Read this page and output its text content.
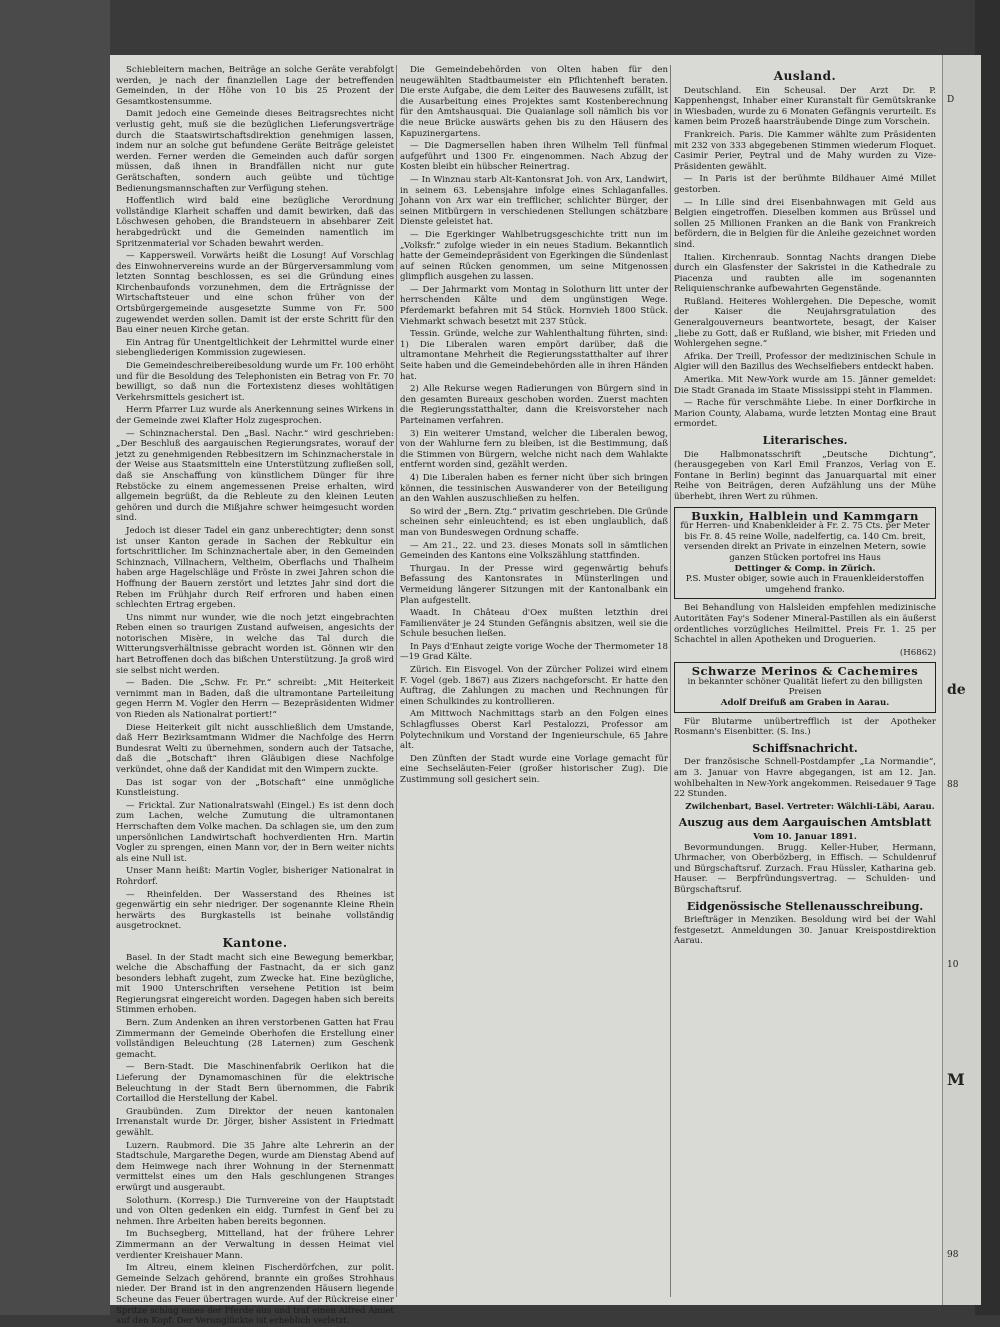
Schiebleitern machen, Beiträge an solche Geräte verabfolgt werden, je nach der finanziellen Lage der betreffenden Gemeinden, in der Höhe von 10 bis 25 Prozent der Gesamtkostensumme.

Damit jedoch eine Gemeinde dieses Beitragsrechtes nicht verlustig geht, muß sie die bezüglichen Lieferungsverträge durch die Staatswirtschaftsdirektion genehmigen lassen, indem nur an solche gut befundene Geräte Beiträge geleistet werden. Ferner werden die Gemeinden auch dafür sorgen müssen, daß ihnen in Brandfällen nicht nur gute Gerätschaften, sondern auch geübte und tüchtige Bedienungsmannschaften zur Verfügung stehen.

Hoffentlich wird bald eine bezügliche Verordnung vollständige Klarheit schaffen und damit bewirken, daß das Löschwesen gehoben, die Brandsteuern in absehbarer Zeit herabgedrückt und die Gemeinden namentlich im Spritzenmaterial vor Schaden bewahrt werden.

— Kappersweil. Vorwärts heißt die Losung! Auf Vorschlag des Einwohnervereins wurde an der Bürgerversammlung vom letzten Sonntag beschlossen, es sei die Gründung eines Kirchenbaufonds vorzunehmen, dem die Erträgnisse der Wirtschaftsteuer und eine schon früher von der Ortsbürgergemeinde ausgesetzte Summe von Fr. 500 zugewendet werden sollen. Damit ist der erste Schritt für den Bau einer neuen Kirche getan.

Ein Antrag für Unentgeltlichkeit der Lehrmittel wurde einer siebengliederigen Kommission zugewiesen.

Die Gemeindeschreibereibesoldung wurde um Fr. 100 erhöht und für die Besoldung des Telephonisten ein Betrag von Fr. 70 bewilligt, so daß nun die Fortexistenz dieses wohltätigen Verkehrsmittels gesichert ist.

Herrn Pfarrer Luz wurde als Anerkennung seines Wirkens in der Gemeinde zwei Klafter Holz zugesprochen.

— Schinznacherstal. Den „Basl. Nachr.“ wird geschrieben: „Der Beschluß des aargauischen Regierungsrates, worauf der jetzt zu genehmigenden Rebbesitzern im Schinznacherstale in der Weise aus Staatsmitteln eine Unterstützung zufließen soll, daß sie Anschaffung von künstlichem Dünger für ihre Rebstöcke zu einem angemessenen Preise erhalten, wird allgemein begrüßt, da die Rebleute zu den kleinen Leuten gehören und durch die Mißjahre schwer heimgesucht worden sind.

Jedoch ist dieser Tadel ein ganz unberechtigter; denn sonst ist unser Kanton gerade in Sachen der Rebkultur ein fortschrittlicher. Im Schinznachertale aber, in den Gemeinden Schinznach, Villnachern, Veltheim, Oberflachs und Thalheim haben arge Hagelschläge und Fröste in zwei Jahren schon die Hoffnung der Bauern zerstört und letztes Jahr sind dort die Reben im Frühjahr durch Reif erfroren und haben einen schlechten Ertrag ergeben.

Uns nimmt nur wunder, wie die noch jetzt eingebrachten Reben einen so traurigen Zustand aufweisen, angesichts der notorischen Misère, in welche das Tal durch die Witterungsverhältnisse gebracht worden ist. Gönnen wir den hart Betroffenen doch das bißchen Unterstützung. Ja groß wird sie selbst nicht werden.

— Baden. Die „Schw. Fr. Pr.“ schreibt: „Mit Heiterkeit vernimmt man in Baden, daß die ultramontane Parteileitung gegen Herrn M. Vogler den Herrn — Bezepräsidenten Widmer von Rieden als Nationalrat portiert!“

Diese Heiterkeit gilt nicht ausschließlich dem Umstande, daß Herr Bezirksamtmann Widmer die Nachfolge des Herrn Bundesrat Welti zu übernehmen, sondern auch der Tatsache, daß die „Botschaft“ ihren Gläubigen diese Nachfolge verkündet, ohne daß der Kandidat mit den Wimpern zuckte.

Das ist sogar von der „Botschaft“ eine unmögliche Kunstleistung.

— Fricktal. Zur Nationalratswahl (Eingel.) Es ist denn doch zum Lachen, welche Zumutung die ultramontanen Herrschaften dem Volke machen. Da schlagen sie, um den zum unpersönlichen Landwirtschaft hochverdienten Hrn. Martin Vogler zu sprengen, einen Mann vor, der in Bern weiter nichts als eine Null ist.

Unser Mann heißt: Martin Vogler, bisheriger Nationalrat in Rohrdorf.

— Rheinfelden. Der Wasserstand des Rheines ist gegenwärtig ein sehr niedriger. Der sogenannte Kleine Rhein herwärts des Burgkastells ist beinahe vollständig ausgetrocknet.

Kantone.

Basel. In der Stadt macht sich eine Bewegung bemerkbar, welche die Abschaffung der Fastnacht, da er sich ganz besonders lebhaft zugeht, zum Zwecke hat. Eine bezügliche, mit 1900 Unterschriften versehene Petition ist beim Regierungsrat eingereicht worden. Dagegen haben sich bereits Stimmen erhoben.

Bern. Zum Andenken an ihren verstorbenen Gatten hat Frau Zimmermann der Gemeinde Oberhofen die Erstellung einer vollständigen Beleuchtung (28 Laternen) zum Geschenk gemacht.

— Bern-Stadt. Die Maschinenfabrik Oerlikon hat die Lieferung der Dynamomaschinen für die elektrische Beleuchtung in der Stadt Bern übernommen, die Fabrik Cortaillod die Herstellung der Kabel.

Graubünden. Zum Direktor der neuen kantonalen Irrenanstalt wurde Dr. Jörger, bisher Assistent in Friedmatt gewählt.

Luzern. Raubmord. Die 35 Jahre alte Lehrerin an der Stadtschule, Margarethe Degen, wurde am Dienstag Abend auf dem Heimwege nach ihrer Wohnung in der Sternenmatt vermittelst eines um den Hals geschlungenen Stranges erwürgt und ausgeraubt.

Solothurn. (Korresp.) Die Turnvereine von der Hauptstadt und von Olten gedenken ein eidg. Turnfest in Genf bei zu nehmen. Ihre Arbeiten haben bereits begonnen.

Im Buchsegberg, Mittelland, hat der frühere Lehrer Zimmermann an der Verwaltung in dessen Heimat viel verdienter Kreishauer Mann.

Im Altreu, einem kleinen Fischerdörfchen, zur polit. Gemeinde Selzach gehörend, brannte ein großes Strohhaus nieder. Der Brand ist in den angrenzenden Häusern liegende Scheune das Feuer übertragen wurde. Auf der Rückreise einer Spritze schlug eines der Pferde aus und traf einen Alfred Amiet auf den Kopf. Der Verunglückte ist erheblich verletzt.

Die Gemeindebehörden von Olten haben für den neugewählten Stadtbaumeister ein Pflichtenheft beraten. Die erste Aufgabe, die dem Leiter des Bauwesens zufällt, ist die Ausarbeitung eines Projektes samt Kostenberechnung für den Amtshausquai. Die Quaianlage soll nämlich bis vor die neue Brücke auswärts gehen bis zu den Häusern des Kapuzinergartens.

— Die Dagmersellen haben ihren Wilhelm Tell fünfmal aufgeführt und 1300 Fr. eingenommen. Nach Abzug der Kosten bleibt ein hübscher Reinertrag.

— In Winznau starb Alt-Kantonsrat Joh. von Arx, Landwirt, in seinem 63. Lebensjahre infolge eines Schlaganfalles. Johann von Arx war ein trefflicher, schlichter Bürger, der seinen Mitbürgern in verschiedenen Stellungen schätzbare Dienste geleistet hat.

— Die Egerkinger Wahlbetrugsgeschichte tritt nun im „Volksfr.“ zufolge wieder in ein neues Stadium. Bekanntlich hatte der Gemeindepräsident von Egerkingen die Sündenlast auf seinen Rücken genommen, um seine Mitgenossen glimpflich ausgehen zu lassen.

— Der Jahrmarkt vom Montag in Solothurn litt unter der herrschenden Kälte und dem ungünstigen Wege. Pferdemarkt befahren mit 54 Stück. Hornvieh 1800 Stück. Viehmarkt schwach besetzt mit 237 Stück.

Tessin. Gründe, welche zur Wahlenthaltung führten, sind: 1) Die Liberalen waren empört darüber, daß die ultramontane Mehrheit die Regierungsstatthalter auf ihrer Seite haben und die Gemeindebehörden alle in ihren Händen hat.

2) Alle Rekurse wegen Radierungen von Bürgern sind in den gesamten Bureaux geschoben worden. Zuerst machten die Regierungsstatthalter, dann die Kreisvorsteher nach Parteinamen verfahren.

3) Ein weiterer Umstand, welcher die Liberalen bewog, von der Wahlurne fern zu bleiben, ist die Bestimmung, daß die Stimmen von Bürgern, welche nicht nach dem Wahlakte entfernt worden sind, gezählt werden.

4) Die Liberalen haben es ferner nicht über sich bringen können, die tessinischen Auswanderer von der Beteiligung an den Wahlen auszuschließen zu helfen.

So wird der „Bern. Ztg.“ privatim geschrieben. Die Gründe scheinen sehr einleuchtend; es ist eben unglaublich, daß man von Bundeswegen Ordnung schaffe.

— Am 21., 22. und 23. dieses Monats soll in sämtlichen Gemeinden des Kantons eine Volkszählung stattfinden.

Thurgau. In der Presse wird gegenwärtig behufs Befassung des Kantonsrates in Münsterlingen und Vermeidung längerer Sitzungen mit der Kantonalbank ein Plan aufgestellt.

Waadt. In Château d'Oex mußten letzthin drei Familienväter je 24 Stunden Gefängnis absitzen, weil sie die Schule besuchen ließen.

In Pays d'Enhaut zeigte vorige Woche der Thermometer 18—19 Grad Kälte.

Zürich. Ein Eisvogel. Von der Zürcher Polizei wird einem F. Vogel (geb. 1867) aus Zizers nachgeforscht. Er hatte den Auftrag, die Zahlungen zu machen und Rechnungen für einen Schulkindes zu kontrollieren.

Am Mittwoch Nachmittags starb an den Folgen eines Schlagflusses Oberst Karl Pestalozzi, Professor am Polytechnikum und Vorstand der Ingenieurschule, 65 Jahre alt.

Den Zünften der Stadt wurde eine Vorlage gemacht für eine Sechseläuten-Feier (großer historischer Zug). Die Zustimmung soll gesichert sein.

Ausland.

Deutschland. Ein Scheusal. Der Arzt Dr. P. Kappenhengst, Inhaber einer Kuranstalt für Gemütskranke in Wiesbaden, wurde zu 6 Monaten Gefängnis verurteilt. Es kamen beim Prozeß haarsträubende Dinge zum Vorschein.

Frankreich. Paris. Die Kammer wählte zum Präsidenten mit 232 von 333 abgegebenen Stimmen wiederum Floquet. Casimir Perier, Peytral und de Mahy wurden zu Vize-Präsidenten gewählt.

— In Paris ist der berühmte Bildhauer Aimé Millet gestorben.

— In Lille sind drei Eisenbahnwagen mit Geld aus Belgien eingetroffen. Dieselben kommen aus Brüssel und sollen 25 Millionen Franken an die Bank von Frankreich befördern, die in Belgien für die Anleihe gezeichnet worden sind.

Italien. Kirchenraub. Sonntag Nachts drangen Diebe durch ein Glasfenster der Sakristei in die Kathedrale zu Piacenza und raubten alle im sogenannten Reliquienschranke aufbewahrten Gegenstände.

Rußland. Heiteres Wohlergehen. Die Depesche, womit der Kaiser die Neujahrsgratulation des Generalgouverneurs beantwortete, besagt, der Kaiser „liebe zu Gott, daß er Rußland, wie bisher, mit Frieden und Wohlergehen segne.“

Afrika. Der Treill, Professor der medizinischen Schule in Algier will den Bazillus des Wechselfiebers entdeckt haben.

Amerika. Mit New-York wurde am 15. Jänner gemeldet: Die Stadt Granada im Staate Mississippi steht in Flammen.

— Rache für verschmähte Liebe. In einer Dorfkirche in Marion County, Alabama, wurde letzten Montag eine Braut ermordet.

Literarisches.

Die Halbmonatsschrift „Deutsche Dichtung“, (herausgegeben von Karl Emil Franzos, Verlag von E. Fontane in Berlin) beginnt das Januarquartal mit einer Reihe von Beiträgen, deren Aufzählung uns der Mühe überhebt, ihren Wert zu rühmen.

Buxkin, Halblein und Kammgarn
für Herren- und Knabenkleider à Fr. 2. 75 Cts. per Meter bis Fr. 8. 45 reine Wolle, nadelfertig, ca. 140 Cm. breit, versenden direkt an Private in einzelnen Metern, sowie ganzen Stücken portofrei ins Haus
Dettinger & Comp. in Zürich.
P.S. Muster obiger, sowie auch in Frauenkleiderstoffen umgehend franko.

Bei Behandlung von Halsleiden empfehlen medizinische Autoritäten Fay's Sodener Mineral-Pastillen als ein äußerst ordentliches vorzügliches Heilmittel. Preis Fr. 1. 25 per Schachtel in allen Apotheken und Droguerien.

(H6862)
Schwarze Merinos & Cachemires
in bekannter schöner Qualität liefert zu den billigsten Preisen
Adolf Dreifuß am Graben in Aarau.

Für Blutarme unübertrefflich ist der Apotheker Rosmann's Eisenbitter. (S. Ins.)

Schiffsnachricht.

Der französische Schnell-Postdampfer „La Normandie“, am 3. Januar von Havre abgegangen, ist am 12. Jan. wohlbehalten in New-York angekommen. Reisedauer 9 Tage 22 Stunden.

Zwilchenbart, Basel. Vertreter: Wälchli-Läbi, Aarau.

Auszug aus dem Aargauischen Amtsblatt
Vom 10. Januar 1891.

Bevormundungen. Brugg. Keller-Huber, Hermann, Uhrmacher, von Oberbözberg, in Effisch. — Schuldenruf und Bürgschaftsruf. Zurzach. Frau Hüssler, Katharina geb. Hauser. — Berpfründungsvertrag. — Schulden- und Bürgschaftsruf.

Eidgenössische Stellenausschreibung.

Briefträger in Menziken. Besoldung wird bei der Wahl festgesetzt. Anmeldungen 30. Januar Kreispostdirektion Aarau.

D
de
88
10
M
98
